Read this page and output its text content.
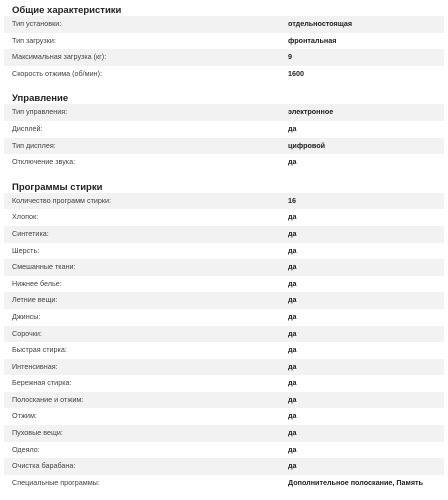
Общие характеристики
Тип установки:	отдельностоящая
Тип загрузки:	фронтальная
Максимальная загрузка (кг):	9
Скорость отжима (об/мин):	1600
Управление
Тип управления:	электронное
Дисплей:	да
Тип дисплея:	цифровой
Отключение звука:	да
Программы стирки
Количество программ стирки:	16
Хлопок:	да
Синтетика:	да
Шерсть:	да
Смешанные ткани:	да
Нижнее белье:	да
Летние вещи:	да
Джинсы:	да
Сорочки:	да
Быстрая стирка:	да
Интенсивная:	да
Бережная стирка:	да
Полоскание и отжим:	да
Отжим:	да
Пуховые вещи:	да
Одеяло:	да
Очистка барабана:	да
Специальные программы:	Дополнительное полоскание, Память
